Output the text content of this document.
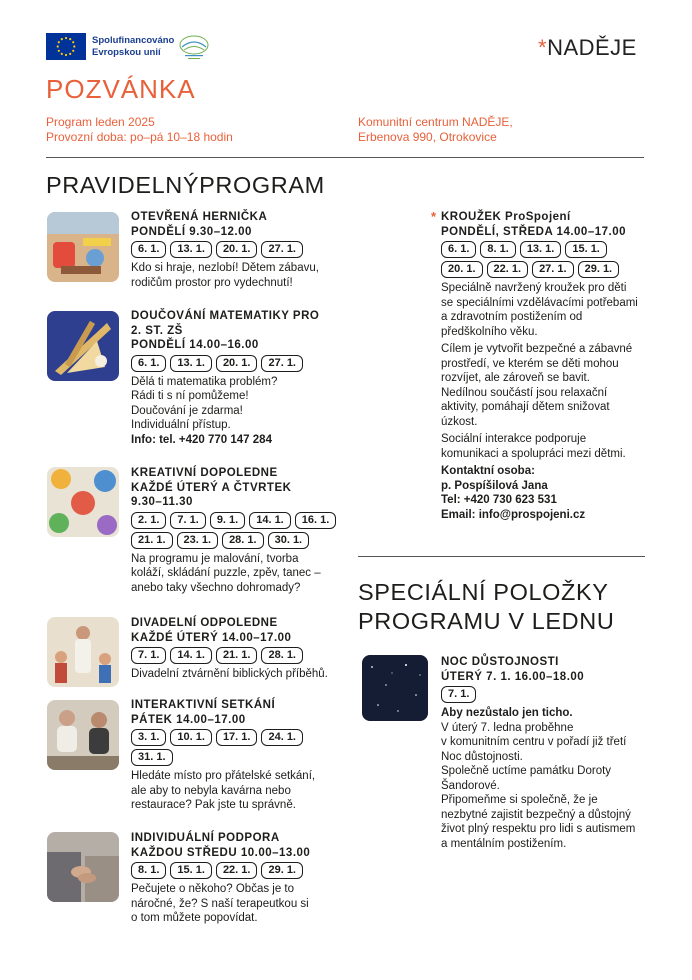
Spolufinancováno
Evropskou unií	*NADĚJE
POZVÁNKA
Program leden 2025
Provozní doba: po–pá 10–18 hodin
Komunitní centrum NADĚJE,
Erbenova 990, Otrokovice
PRAVIDELNÝPROGRAM
OTEVŘENÁ HERNIČKA
PONDĚLÍ 9.30–12.00
6. 1.	13. 1.	20. 1.	27. 1.

Kdo si hraje, nezlobí! Dětem zábavu,

rodičům prostor pro vydechnutí!

DOUČOVÁNÍ MATEMATIKY PRO
2. ST. ZŠ
PONDĚLÍ 14.00–16.00
6. 1.	13. 1.	20. 1.	27. 1.

Dělá ti matematika problém?

Rádi ti s ní pomůžeme!

Doučování je zdarma!

Individuální přístup.

Info: tel. +420 770 147 284

KREATIVNÍ DOPOLEDNE
KAŽDÉ ÚTERÝ A ČTVRTEK
9.30–11.30
2. 1.	7. 1.	9. 1.	14. 1.	16. 1.
21. 1.	23. 1.	28. 1.	30. 1.

Na programu je malování, tvorba

koláží, skládání puzzle, zpěv, tanec –

anebo taky všechno dohromady?

DIVADELNÍ ODPOLEDNE
KAŽDÉ ÚTERÝ 14.00–17.00
7. 1.	14. 1.	21. 1.	28. 1.

Divadelní ztvárnění biblických příběhů.

INTERAKTIVNÍ SETKÁNÍ
PÁTEK 14.00–17.00
3. 1.	10. 1.	17. 1.	24. 1.
31. 1.

Hledáte místo pro přátelské setkání,

ale aby to nebyla kavárna nebo

restaurace? Pak jste tu správně.

INDIVIDUÁLNÍ PODPORA
KAŽDOU STŘEDU 10.00–13.00
8. 1.	15. 1.	22. 1.	29. 1.

Pečujete o někoho? Občas je to

náročné, že? S naší terapeutkou si

o tom můžete popovídat.

* KROUŽEK ProSpojení
PONDĚLÍ, STŘEDA 14.00–17.00
6. 1.	8. 1.	13. 1.	15. 1.
20. 1.	22. 1.	27. 1.	29. 1.

Speciálně navržený kroužek pro děti

se speciálními vzdělávacími potřebami

a zdravotním postižením od

předškolního věku.

Cílem je vytvořit bezpečné a zábavné

prostředí, ve kterém se děti mohou

rozvíjet, ale zároveň se bavit.

Nedílnou součástí jsou relaxační

aktivity, pomáhají dětem snižovat

úzkost.

Sociální interakce podporuje

komunikaci a spolupráci mezi dětmi.

Kontaktní osoba:

p. Pospíšilová Jana

Tel: +420 730 623 531

Email: info@prospojeni.cz

SPECIÁLNÍ POLOŽKY
PROGRAMU V LEDNU
NOC DŮSTOJNOSTI
ÚTERÝ 7. 1. 16.00–18.00
7. 1.

Aby nezůstalo jen ticho.

V úterý 7. ledna proběhne

v komunitním centru v pořadí již třetí

Noc důstojnosti.

Společně uctíme památku Doroty

Šandorové.

Připomeňme si společně, že je

nezbytné zajistit bezpečný a důstojný

život plný respektu pro lidi s autismem

a mentálním postižením.
